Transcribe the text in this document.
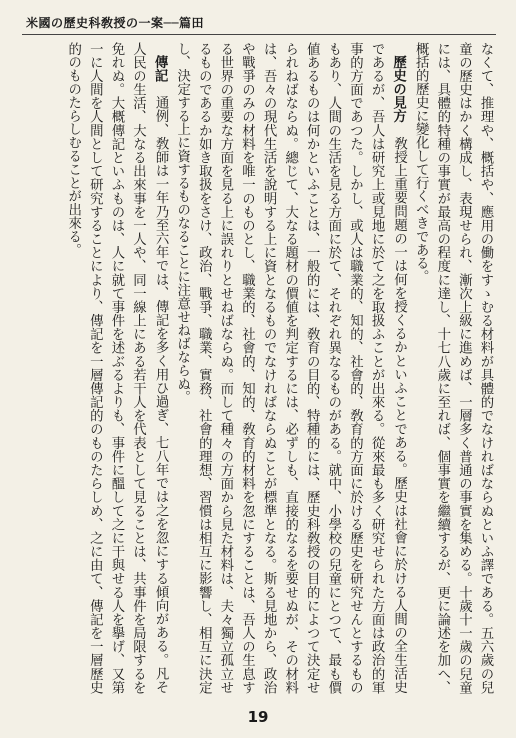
米國の歷史科敎授の一案──篇田

なくて、推理や、概括や、應用の働をすゝむる材料が具體的でなければならぬといふ譯である。五六歲の兒童の歷史はかく構成し、表現せられ、漸次上級に進めば、一層多く普通の事實を集める。十歲十一歲の兒童には、具體的特種の事實が最高の程度に達し、十七八歲に至れば、個事實を繼續するが、更に論述を加へ、概括的歷史に變化して行くべきである。

歷史の見方　敎授上重要問題の一は何を授くるかといふことである。歷史は社會に於ける人間の全生活史であるが、吾人は研究上或見地に於て之を取扱ふことが出來る。從來最も多く研究せられた方面は政治的軍事的方面であつた。しかし、或人は職業的、知的、社會的、敎育的方面に於ける歷史を研究せんとするものもあり、人間の生活を見る方面に於て、それぞれ異なるものがある。就中、小學校の兒童にとつて、最も價値あるものは何かといふことは、一般的には、敎育の目的、特種的には、歷史科敎授の目的によつて決定せられねばならぬ。總じて、大なる題材の價値を判定するには、必ずしも、直接的なるを要せぬが、その材料は、吾々の現代生活を說明する上に資となるものでなければならぬことが標準となる。斯る見地から、政治や戰爭のみの材料を唯一のものとし、職業的、社會的、知的、敎育的材料を忽にすることは、吾人の生息する世界の重要な方面を見る上に誤れりとせねばならぬ。而して種々の方面から見た材料は、夫々獨立孤立せるものであるか如き取扱をさけ、政治、戰爭、職業、實務、社會的理想、習慣は相互に影響し、相互に決定し、決定する上に資するものなることに注意せねばならぬ。

傳記　通例、敎師は一年乃至六年では、傳記を多く用ひ過ぎ、七八年では之を忽にする傾向がある。凡そ人民の生活、大なる出來事を一人や、同一線上にある若干人を代表として見ることは、共事件を局限するを免れぬ。大概傳記といふものは、人に就て事件を述ぶるよりも、事件に醞して之に干與せる人を擧げ、又第一に人間を人間として研究することにより、傳記を一層傳記的のものたらしめ、之に由て、傳記を一層歷史的のものたらしむることが出來る。

19
